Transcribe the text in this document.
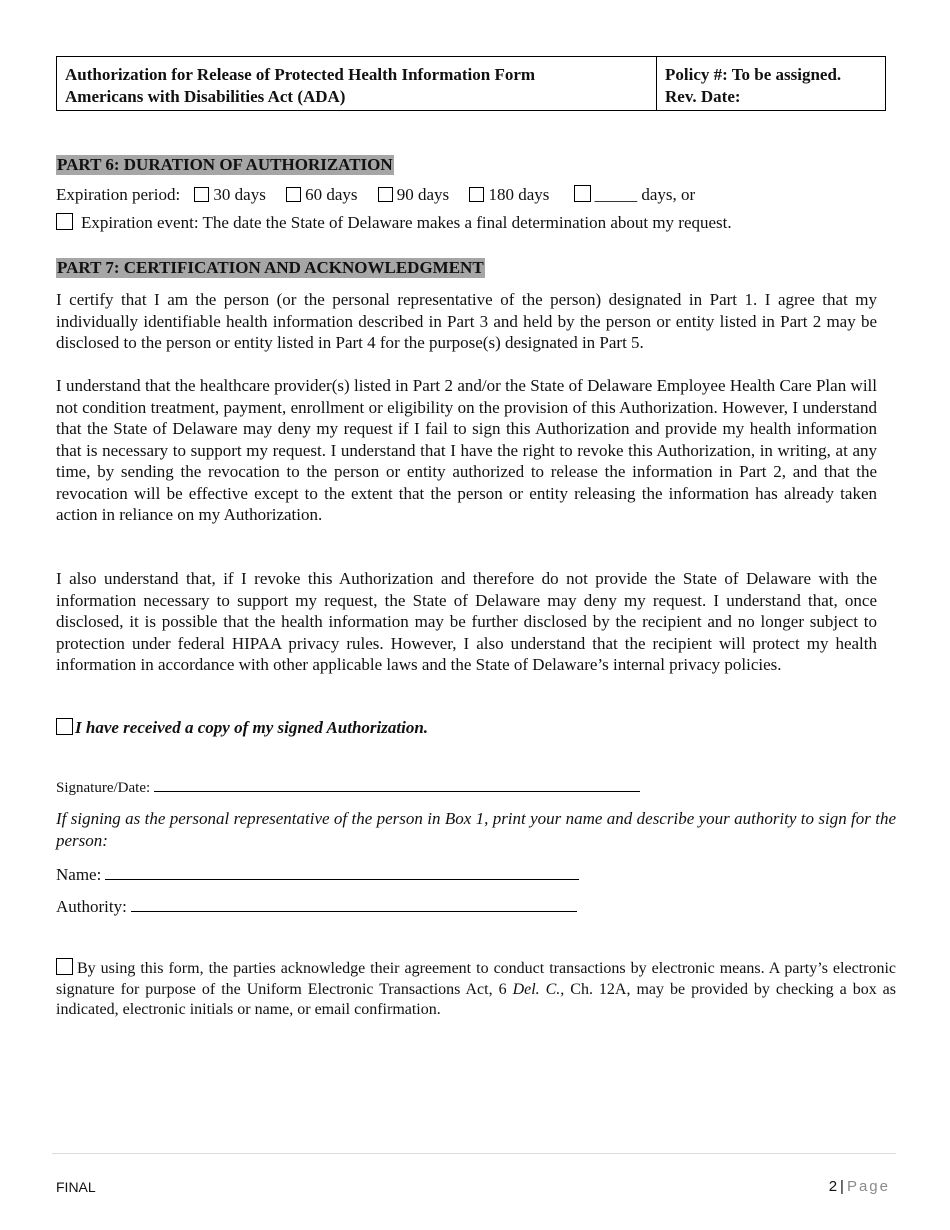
Authorization for Release of Protected Health Information Form
Americans with Disabilities Act (ADA)
Policy #: To be assigned.
Rev. Date:
PART 6: DURATION OF AUTHORIZATION
Expiration period: 30 days 60 days 90 days 180 days	_____ days, or
Expiration event: The date the State of Delaware makes a final determination about my request.
PART 7: CERTIFICATION AND ACKNOWLEDGMENT
I certify that I am the person (or the personal representative of the person) designated in Part 1. I agree that my individually identifiable health information described in Part 3 and held by the person or entity listed in Part 2 may be disclosed to the person or entity listed in Part 4 for the purpose(s) designated in Part 5.
I understand that the healthcare provider(s) listed in Part 2 and/or the State of Delaware Employee Health Care Plan will not condition treatment, payment, enrollment or eligibility on the provision of this Authorization. However, I understand that the State of Delaware may deny my request if I fail to sign this Authorization and provide my health information that is necessary to support my request. I understand that I have the right to revoke this Authorization, in writing, at any time, by sending the revocation to the person or entity authorized to release the information in Part 2, and that the revocation will be effective except to the extent that the person or entity releasing the information has already taken action in reliance on my Authorization.
I also understand that, if I revoke this Authorization and therefore do not provide the State of Delaware with the information necessary to support my request, the State of Delaware may deny my request. I understand that, once disclosed, it is possible that the health information may be further disclosed by the recipient and no longer subject to protection under federal HIPAA privacy rules. However, I also understand that the recipient will protect my health information in accordance with other applicable laws and the State of Delaware’s internal privacy policies.
I have received a copy of my signed Authorization.
Signature/Date:
If signing as the personal representative of the person in Box 1, print your name and describe your authority to sign for the person:
Name:
Authority:
By using this form, the parties acknowledge their agreement to conduct transactions by electronic means. A party’s electronic signature for purpose of the Uniform Electronic Transactions Act, 6 Del. C., Ch. 12A, may be provided by checking a box as indicated, electronic initials or name, or email confirmation.
FINAL	2 | Page
